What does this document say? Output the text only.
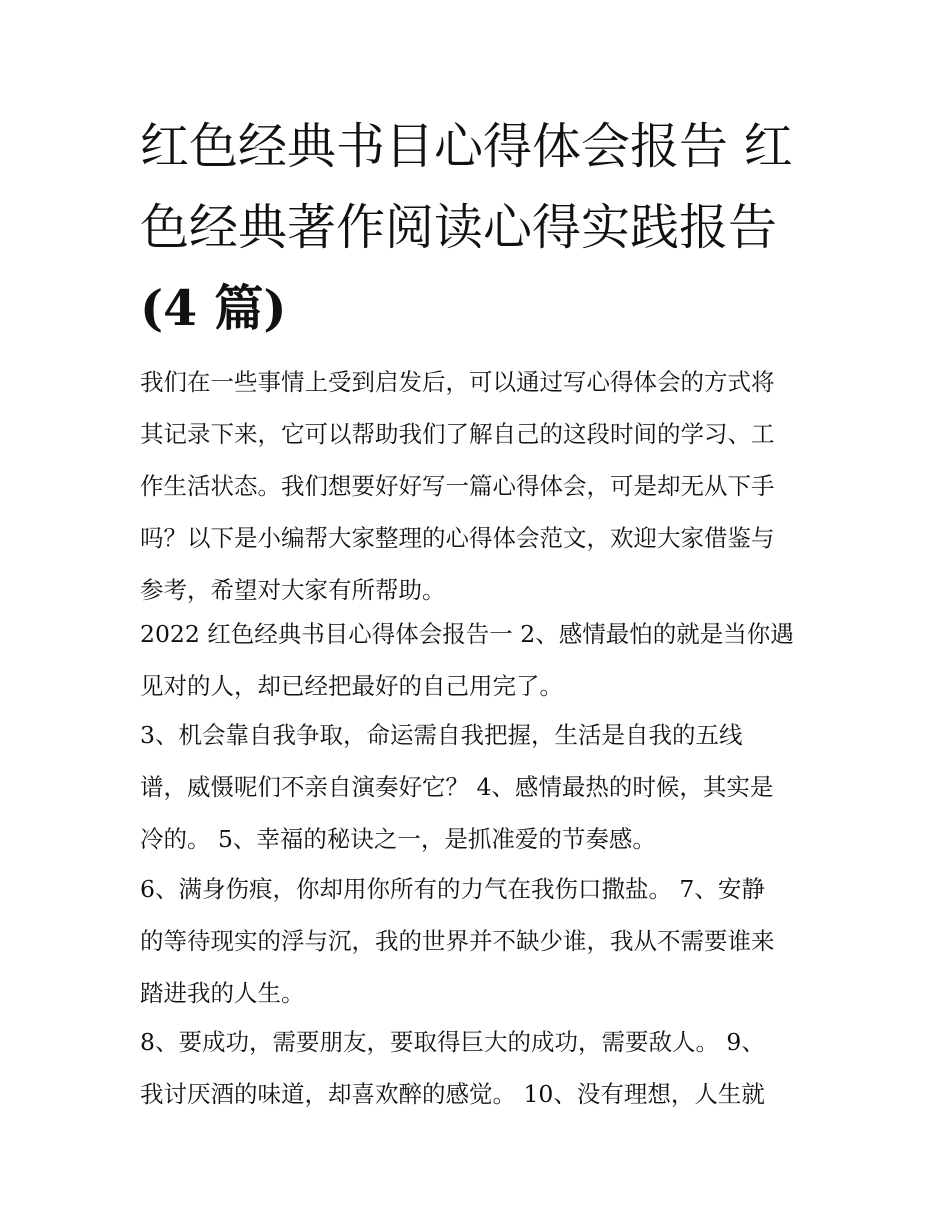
红色经典书目心得体会报告 红
色经典著作阅读心得实践报告
(4 篇)
我们在一些事情上受到启发后，可以通过写心得体会的方式将
其记录下来，它可以帮助我们了解自己的这段时间的学习、工
作生活状态。我们想要好好写一篇心得体会，可是却无从下手
吗？以下是小编帮大家整理的心得体会范文，欢迎大家借鉴与
参考，希望对大家有所帮助。
2022 红色经典书目心得体会报告一 2、感情最怕的就是当你遇
见对的人，却已经把最好的自己用完了。
3、机会靠自我争取，命运需自我把握，生活是自我的五线
谱，威慑呢们不亲自演奏好它？ 4、感情最热的时候，其实是
冷的。 5、幸福的秘诀之一，是抓准爱的节奏感。
6、满身伤痕，你却用你所有的力气在我伤口撒盐。 7、安静
的等待现实的浮与沉，我的世界并不缺少谁，我从不需要谁来
踏进我的人生。
8、要成功，需要朋友，要取得巨大的成功，需要敌人。 9、
我讨厌酒的味道，却喜欢醉的感觉。 10、没有理想，人生就
